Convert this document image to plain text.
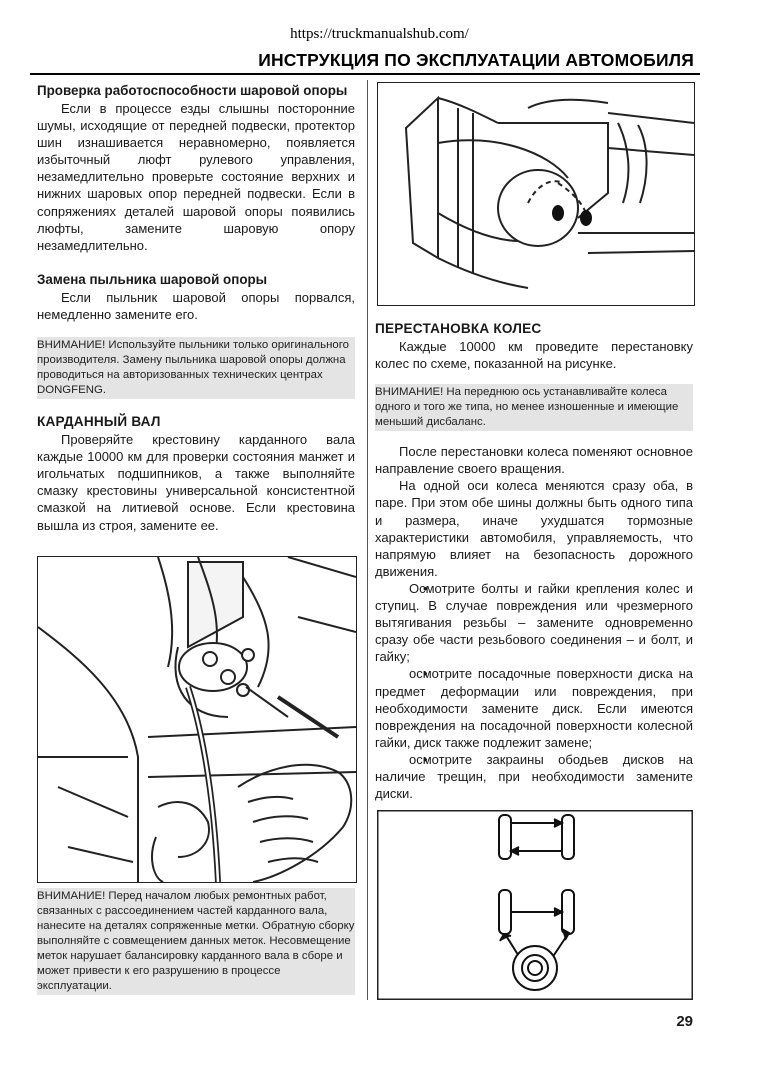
https://truckmanualshub.com/
ИНСТРУКЦИЯ ПО ЭКСПЛУАТАЦИИ АВТОМОБИЛЯ

Проверка работоспособности шаровой опоры

Если в процессе езды слышны посторонние шумы, исходящие от передней подвески, протектор шин изнашивается неравномерно, появляется избыточный люфт рулевого управления, незамедлительно проверьте состояние верхних и нижних шаровых опор передней подвески. Если в сопряжениях деталей шаровой опоры появились люфты, замените шаровую опору незамедлительно.

Замена пыльника шаровой опоры

Если пыльник шаровой опоры порвался, немедленно замените его.

ВНИМАНИЕ! Используйте пыльники только оригинального производителя. Замену пыльника шаровой опоры должна проводиться на авторизованных технических центрах DONGFENG.

КАРДАННЫЙ ВАЛ

Проверяйте крестовину карданного вала каждые 10000 км для проверки состояния манжет и игольчатых подшипников, а также выполняйте смазку крестовины универсальной консистентной смазкой на литиевой основе. Если крестовина вышла из строя, замените ее.

ВНИМАНИЕ! Перед началом любых ремонтных работ, связанных с рассоединением частей карданного вала, нанесите на деталях сопряженные метки. Обратную сборку выполняйте с совмещением данных меток. Несовмещение меток нарушает балансировку карданного вала в сборе и может привести к его разрушению в процессе эксплуатации.

ПЕРЕСТАНОВКА КОЛЕС

Каждые 10000 км проведите перестановку колес по схеме, показанной на рисунке.

ВНИМАНИЕ! На переднюю ось устанавливайте колеса одного и того же типа, но менее изношенные и имеющие меньший дисбаланс.

После перестановки колеса поменяют основное направление своего вращения.

На одной оси колеса меняются сразу оба, в паре. При этом обе шины должны быть одного типа и размера, иначе ухудшатся тормозные характеристики автомобиля, управляемость, что напрямую влияет на безопасность дорожного движения.

• Осмотрите болты и гайки крепления колес и ступиц. В случае повреждения или чрезмерного вытягивания резьбы – замените одновременно сразу обе части резьбового соединения – и болт, и гайку;

• осмотрите посадочные поверхности диска на предмет деформации или повреждения, при необходимости замените диск. Если имеются повреждения на посадочной поверхности колесной гайки, диск также подлежит замене;

• осмотрите закраины ободьев дисков на наличие трещин, при необходимости замените диски.

29
